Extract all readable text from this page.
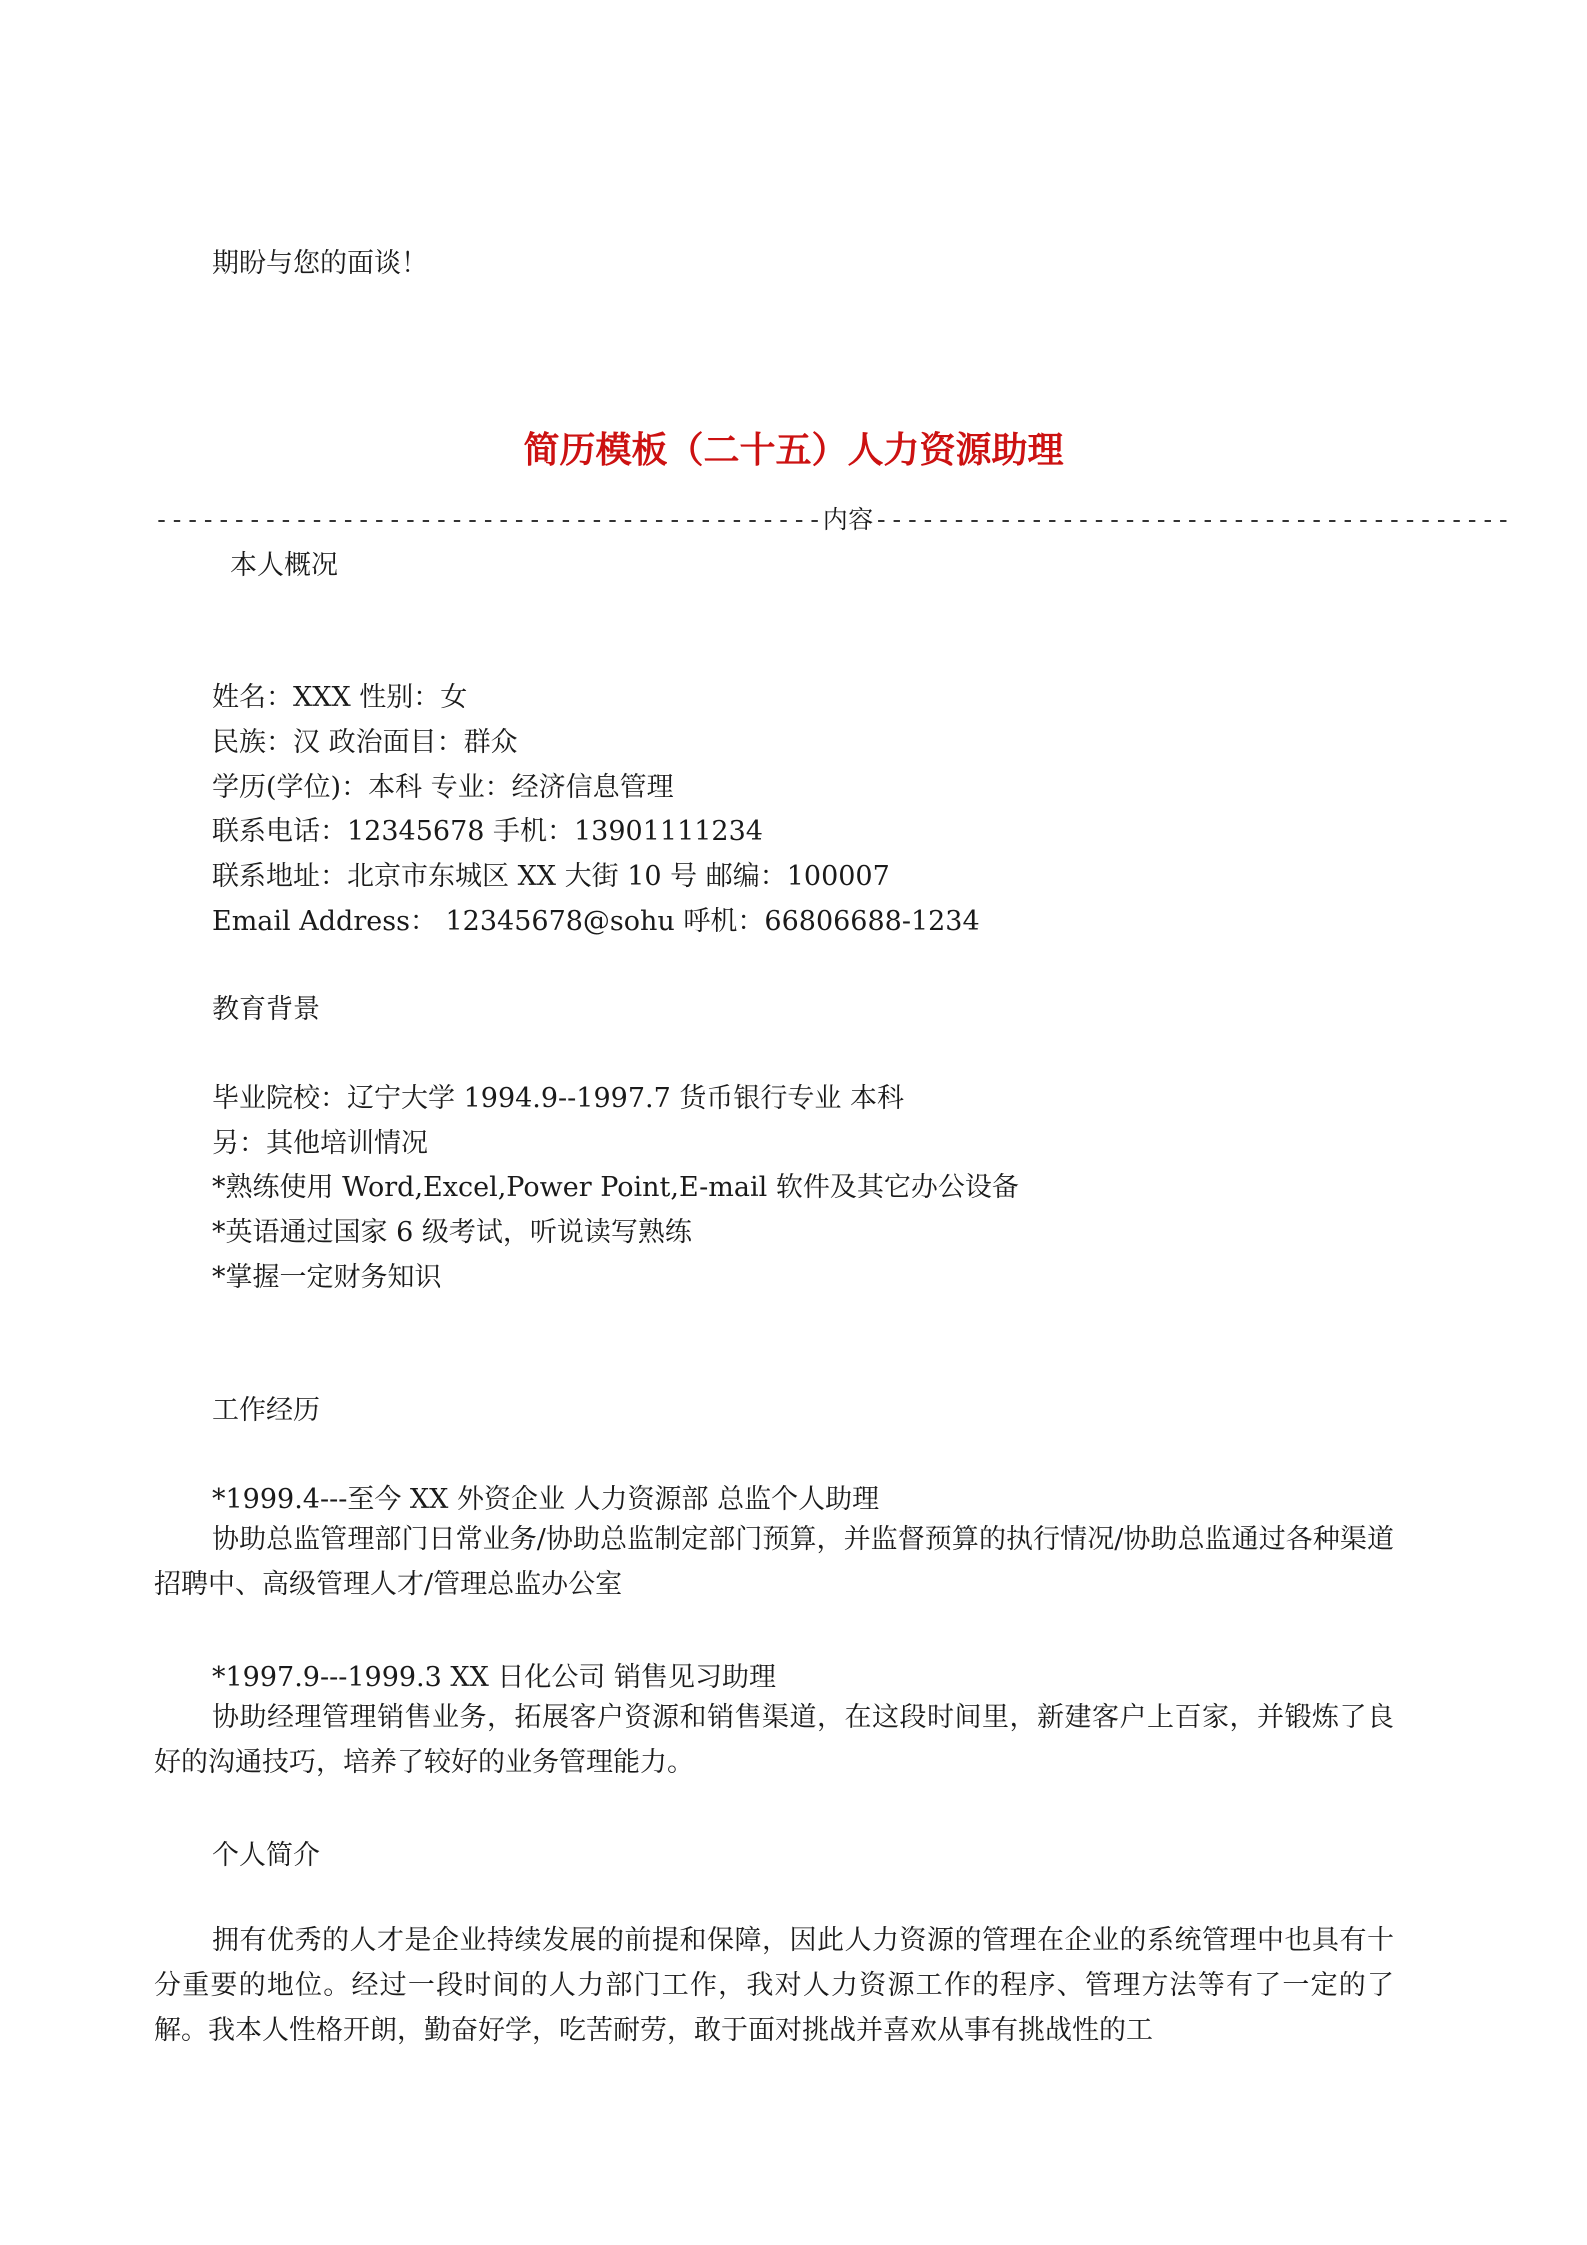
期盼与您的面谈！
简历模板（二十五）人力资源助理
-------------------------------------------内容-----------------------------------------
本人概况
姓名：XXX 性别：女
民族：汉 政治面目：群众
学历(学位)：本科 专业：经济信息管理
联系电话：12345678 手机：13901111234
联系地址：北京市东城区 XX 大街 10 号 邮编：100007
Email Address： 12345678@sohu 呼机：66806688-1234
教育背景
毕业院校：辽宁大学 1994.9--1997.7 货币银行专业 本科
另：其他培训情况
*熟练使用 Word,Excel,Power Point,E-mail 软件及其它办公设备
*英语通过国家 6 级考试，听说读写熟练
*掌握一定财务知识
工作经历
*1999.4---至今 XX 外资企业 人力资源部 总监个人助理
协助总监管理部门日常业务/协助总监制定部门预算，并监督预算的执行情况/协助总监通过各种渠道招聘中、高级管理人才/管理总监办公室
*1997.9---1999.3 XX 日化公司 销售见习助理
协助经理管理销售业务，拓展客户资源和销售渠道，在这段时间里，新建客户上百家，并锻炼了良好的沟通技巧，培养了较好的业务管理能力。
个人简介
拥有优秀的人才是企业持续发展的前提和保障，因此人力资源的管理在企业的系统管理中也具有十分重要的地位。经过一段时间的人力部门工作，我对人力资源工作的程序、管理方法等有了一定的了解。我本人性格开朗，勤奋好学，吃苦耐劳，敢于面对挑战并喜欢从事有挑战性的工
